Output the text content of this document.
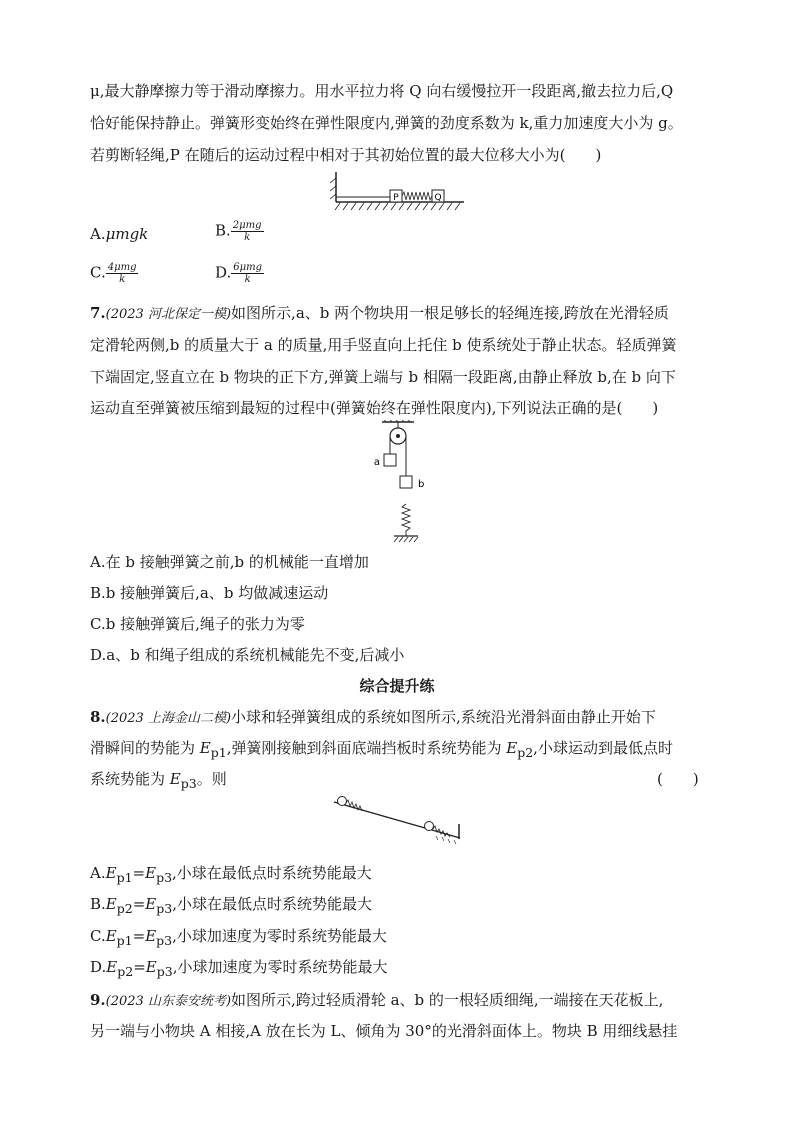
μ,最大静摩擦力等于滑动摩擦力。用水平拉力将 Q 向右缓慢拉开一段距离,撤去拉力后,Q
恰好能保持静止。弹簧形变始终在弹性限度内,弹簧的劲度系数为 k,重力加速度大小为 g。
若剪断轻绳,P 在随后的运动过程中相对于其初始位置的最大位移大小为(　　)
P	Q
A.μmgk	B. $\frac{\text{2μmg}}{k}$
C. $\frac{\text{4μmg}}{k}$	D. $\frac{\text{6μmg}}{k}$
7.(2023 河北保定一模)如图所示,a、b 两个物块用一根足够长的轻绳连接,跨放在光滑轻质
定滑轮两侧,b 的质量大于 a 的质量,用手竖直向上托住 b 使系统处于静止状态。轻质弹簧
下端固定,竖直立在 b 物块的正下方,弹簧上端与 b 相隔一段距离,由静止释放 b,在 b 向下
运动直至弹簧被压缩到最短的过程中(弹簧始终在弹性限度内),下列说法正确的是(　　)
a
b
A.在 b 接触弹簧之前,b 的机械能一直增加
B.b 接触弹簧后,a、b 均做减速运动
C.b 接触弹簧后,绳子的张力为零
D.a、b 和绳子组成的系统机械能先不变,后减小
综合提升练
8.(2023 上海金山二模)小球和轻弹簧组成的系统如图所示,系统沿光滑斜面由静止开始下
滑瞬间的势能为 $E_{p1}$,弹簧刚接触到斜面底端挡板时系统势能为 $E_{p2}$,小球运动到最低点时
系统势能为 $E_{p3}$。则	(　　)
$A.E_{p1}=E_{p3}$,小球在最低点时系统势能最大
$B.E_{p2}=E_{p3}$,小球在最低点时系统势能最大
$C.E_{p1}=E_{p3}$,小球加速度为零时系统势能最大
$D.E_{p2}=E_{p3}$,小球加速度为零时系统势能最大
9.(2023 山东泰安统考)如图所示,跨过轻质滑轮 a、b 的一根轻质细绳,一端接在天花板上,
另一端与小物块 A 相接,A 放在长为 L、倾角为 30°的光滑斜面体上。物块 B 用细线悬挂
